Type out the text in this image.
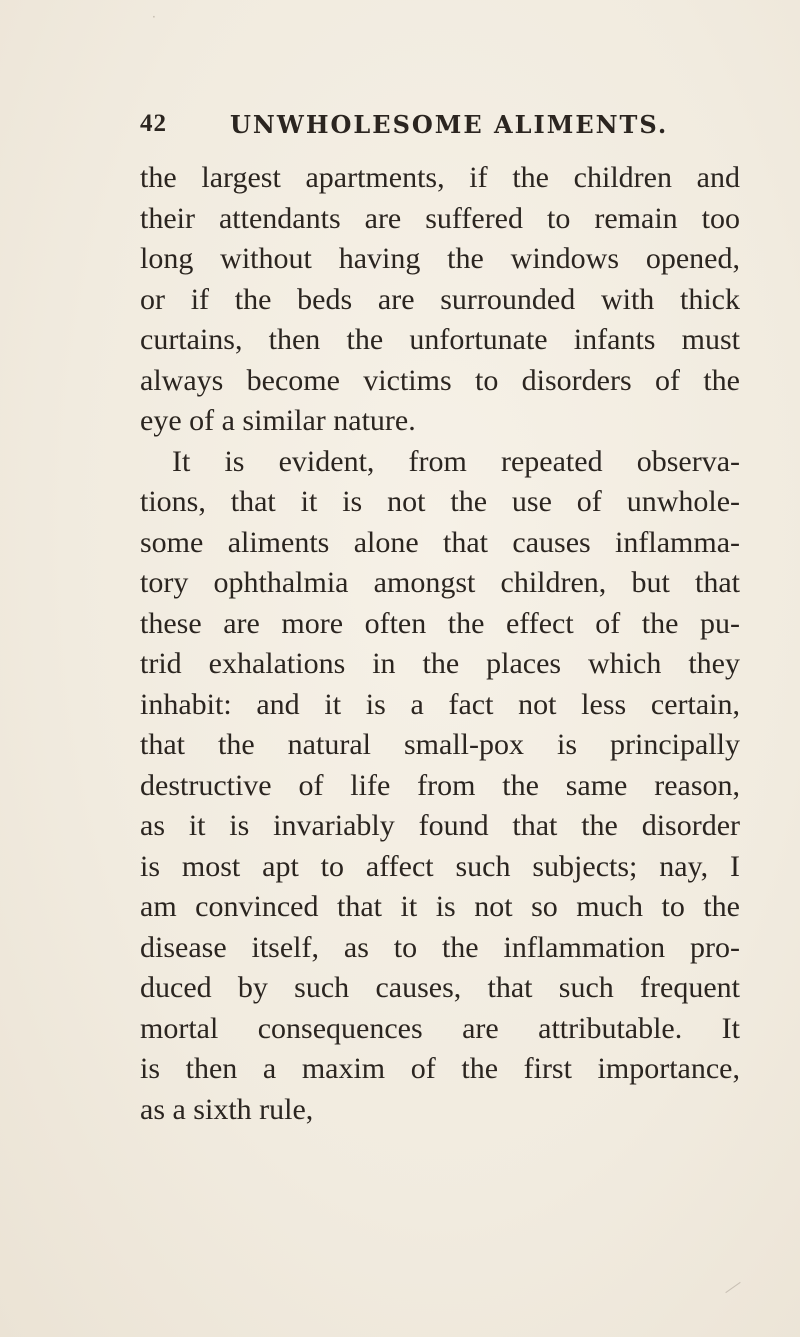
·
42	UNWHOLESOME ALIMENTS.
the largest apartments, if the children and
their attendants are suffered to remain too
long without having the windows opened,
or if the beds are surrounded with thick
curtains, then the unfortunate infants must
always become victims to disorders of the
eye of a similar nature.
It is evident, from repeated observa-
tions, that it is not the use of unwhole-
some aliments alone that causes inflamma-
tory ophthalmia amongst children, but that
these are more often the effect of the pu-
trid exhalations in the places which they
inhabit: and it is a fact not less certain,
that the natural small-pox is principally
destructive of life from the same reason,
as it is invariably found that the disorder
is most apt to affect such subjects; nay, I
am convinced that it is not so much to the
disease itself, as to the inflammation pro-
duced by such causes, that such frequent
mortal consequences are attributable. It
is then a maxim of the first importance,
as a sixth rule,
